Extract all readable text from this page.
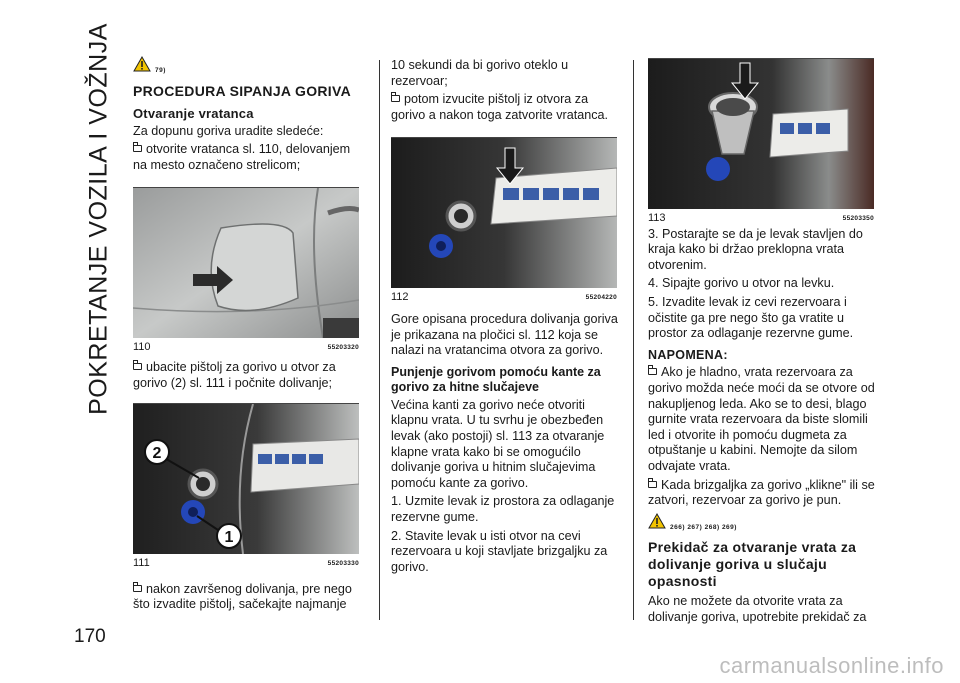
POKRETANJE VOZILA I VOŽNJA
170
79)
PROCEDURA SIPANJA GORIVA
Otvaranje vratanca

Za dopunu goriva uradite sledeće:

otvorite vratanca sl. 110, delovanjem na mesto označeno strelicom;

110	55203320

ubacite pištolj za gorivo u otvor za gorivo (2) sl. 111 i počnite dolivanje;

2
1
111	55203330

nakon završenog dolivanja, pre nego što izvadite pištolj, sačekajte najmanje

10 sekundi da bi gorivo oteklo u rezervoar;

potom izvucite pištolj iz otvora za gorivo a nakon toga zatvorite vratanca.

112	55204220

Gore opisana procedura dolivanja goriva je prikazana na pločici sl. 112 koja se nalazi na vratancima otvora za gorivo.

Punjenje gorivom pomoću kante za gorivo za hitne slučajeve

Većina kanti za gorivo neće otvoriti klapnu vrata. U tu svrhu je obezbeđen levak (ako postoji) sl. 113 za otvaranje klapne vrata kako bi se omogućilo dolivanje goriva u hitnim slučajevima pomoću kante za gorivo.

1. Uzmite levak iz prostora za odlaganje rezervne gume.

2. Stavite levak u isti otvor na cevi rezervoara u koji stavljate brizgaljku za gorivo.

113	55203350

3. Postarajte se da je levak stavljen do kraja kako bi držao preklopna vrata otvorenim.

4. Sipajte gorivo u otvor na levku.

5. Izvadite levak iz cevi rezervoara i očistite ga pre nego što ga vratite u prostor za odlaganje rezervne gume.

NAPOMENA:

Ako je hladno, vrata rezervoara za gorivo možda neće moći da se otvore od nakupljenog leda. Ako se to desi, blago gurnite vrata rezervoara da biste slomili led i otvorite ih pomoću dugmeta za otpuštanje u kabini. Nemojte da silom odvajate vrata.

Kada brizgaljka za gorivo „klikne" ili se zatvori, rezervoar za gorivo je pun.

266) 267) 268) 269)
Prekidač za otvaranje vrata za dolivanje goriva u slučaju opasnosti

Ako ne možete da otvorite vrata za dolivanje goriva, upotrebite prekidač za

carmanualsonline.info
